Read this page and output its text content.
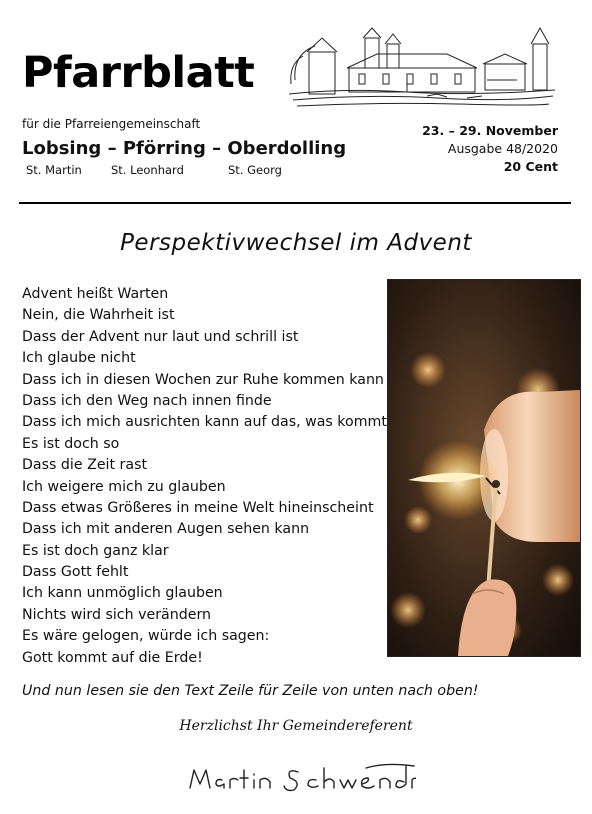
Pfarrblatt
für die Pfarreiengemeinschaft
Lobsing – Pförring – Oberdolling
St. Martin	St. Leonhard	St. Georg
23. – 29. November
Ausgabe 48/2020
20 Cent
Perspektivwechsel im Advent
Advent heißt Warten
Nein, die Wahrheit ist
Dass der Advent nur laut und schrill ist
Ich glaube nicht
Dass ich in diesen Wochen zur Ruhe kommen kann
Dass ich den Weg nach innen finde
Dass ich mich ausrichten kann auf das, was kommt
Es ist doch so
Dass die Zeit rast
Ich weigere mich zu glauben
Dass etwas Größeres in meine Welt hineinscheint
Dass ich mit anderen Augen sehen kann
Es ist doch ganz klar
Dass Gott fehlt
Ich kann unmöglich glauben
Nichts wird sich verändern
Es wäre gelogen, würde ich sagen:
Gott kommt auf die Erde!
Und nun lesen sie den Text Zeile für Zeile von unten nach oben!
Herzlichst Ihr Gemeindereferent
